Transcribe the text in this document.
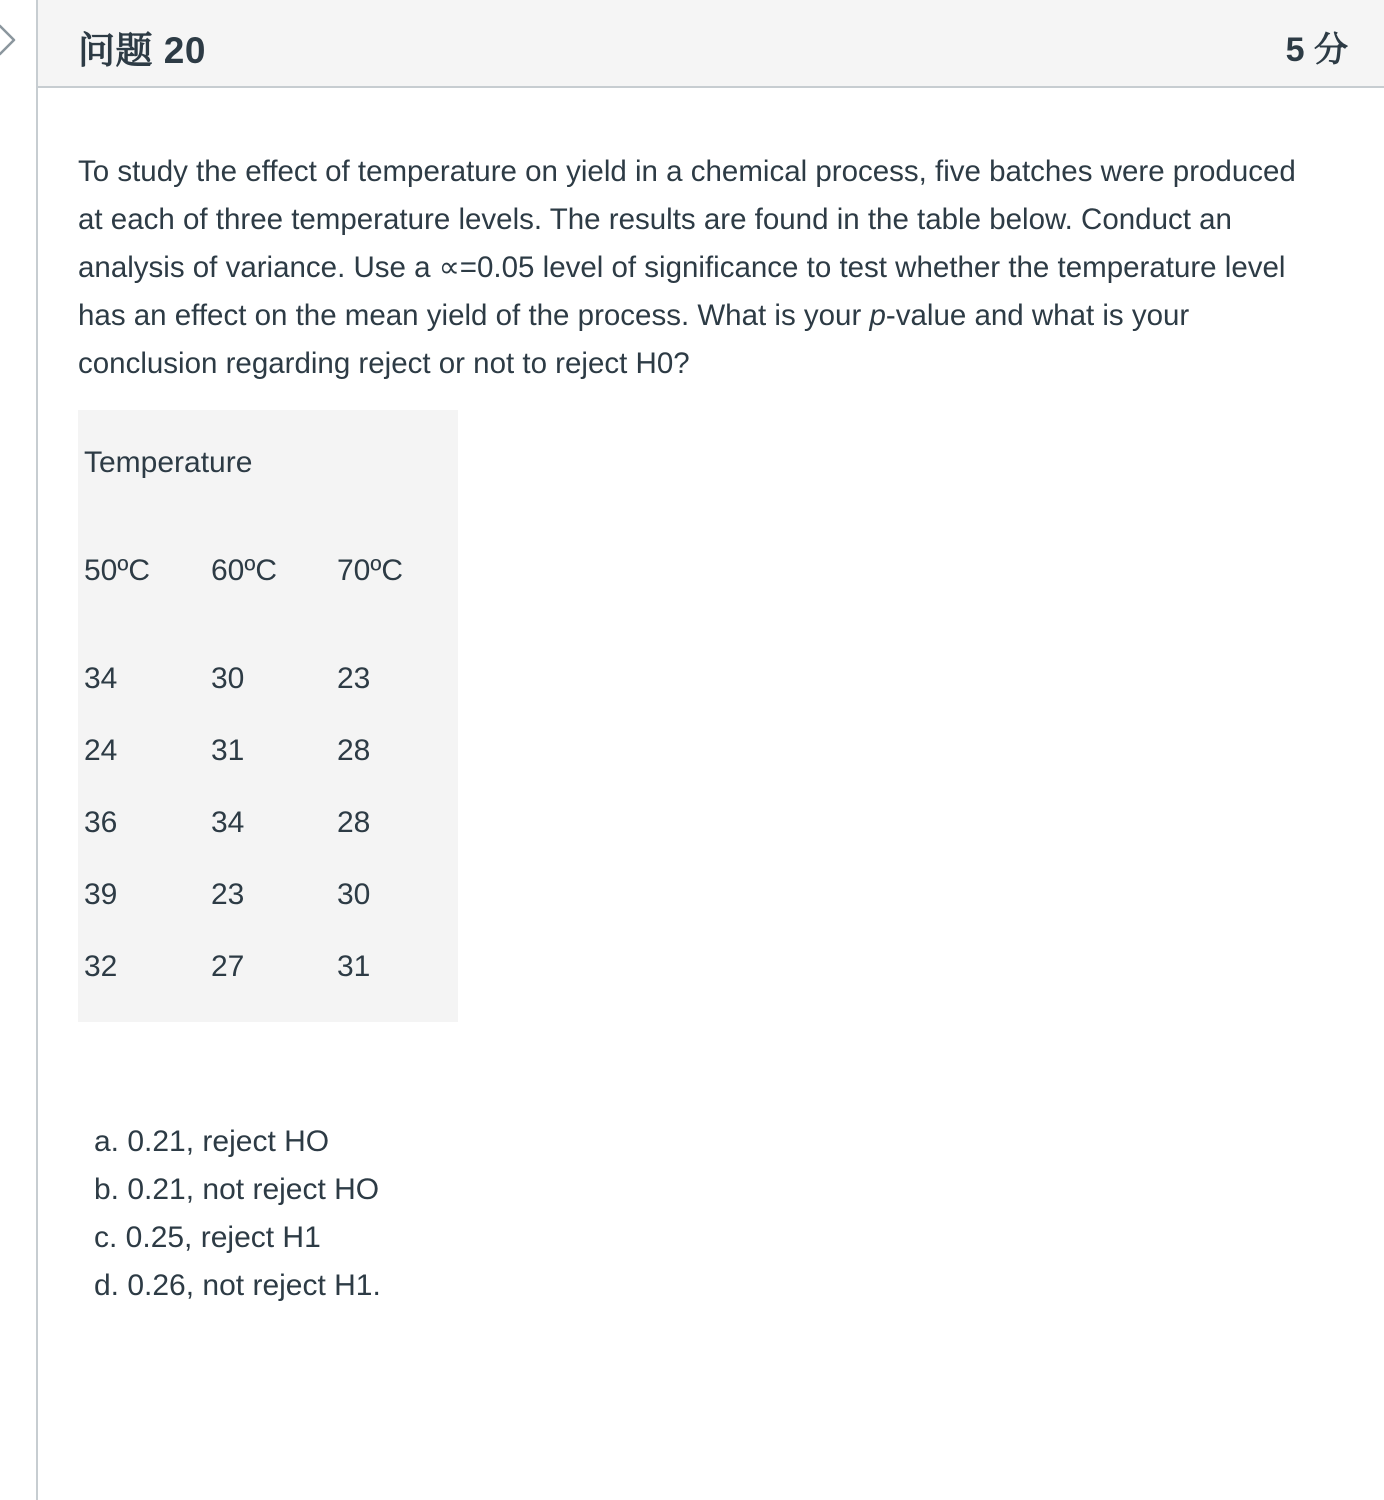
问题 20	5 分

To study the effect of temperature on yield in a chemical process, five batches were produced at each of three temperature levels. The results are found in the table below. Conduct an analysis of variance. Use a ∝=0.05 level of significance to test whether the temperature level has an effect on the mean yield of the process. What is your p-value and what is your conclusion regarding reject or not to reject H0?

Temperature
50ºC 60ºC 70ºC
34	30	23
24	31	28
36	34	28
39	23	30
32	27	31
a. 0.21, reject HO
b. 0.21, not reject HO
c. 0.25, reject H1
d. 0.26, not reject H1.
